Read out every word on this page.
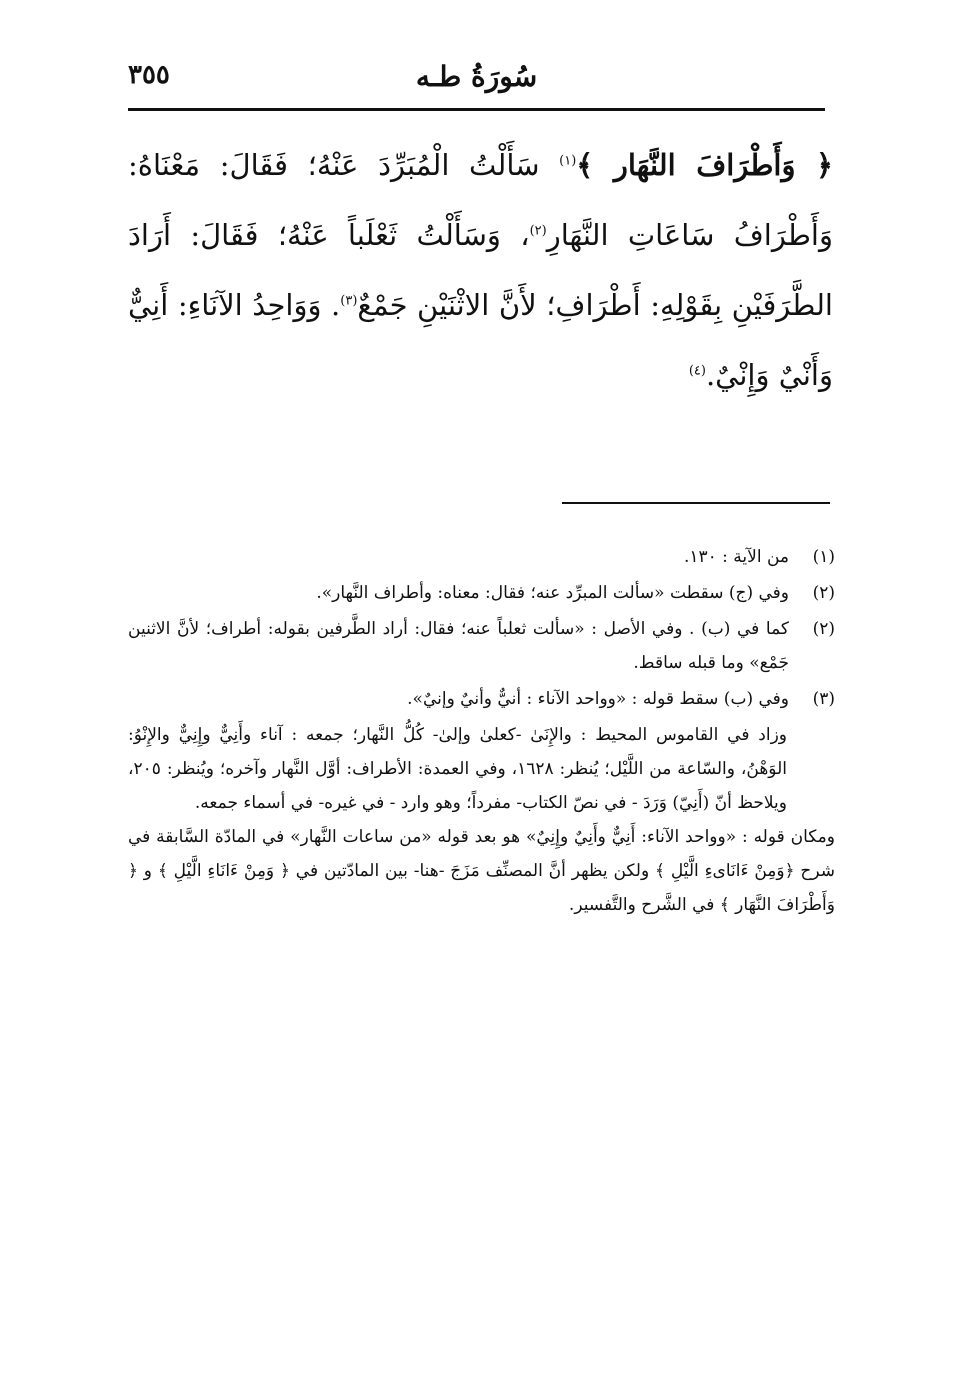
سُورَةُ طـه
٣٥٥

﴿ وَأَطْرَافَ النَّهَار ﴾$^{(١)}$ سَأَلْتُ الْمُبَرِّدَ عَنْهُ؛ فَقَالَ: مَعْنَاهُ: وَأَطْرَافُ سَاعَاتِ النَّهَارِ$^{(٢)}$، وَسَأَلْتُ ثَعْلَباً عَنْهُ؛ فَقَالَ: أَرَادَ الطَّرَفَيْنِ بِقَوْلِهِ: أَطْرَافِ؛ لأَنَّ الاثْنَيْنِ جَمْعٌ$^{(٣)}$. وَوَاحِدُ الآنَاءِ: أَنِيٌّ وَأَنْيٌ وَإِنْيٌ.$^{(٤)}$

(١)
من الآية : ١٣٠.
(٢)
وفي (ج) سقطت «سألت المبرِّد عنه؛ فقال: معناه: وأطراف النَّهار».
(٢)
كما في (ب) . وفي الأصل : «سألت ثعلباً عنه؛ فقال: أراد الطَّرفين بقوله: أطراف؛ لأنَّ الاثنين جَمْع» وما قبله ساقط.
(٣)
وفي (ب) سقط قوله : «وواحد الآناء : أنيٌّ وأنيٌ وإنيٌ».

وزاد في القاموس المحيط : والإِنَىٰ -كعلىٰ وإلىٰ- كُلُّ النَّهار؛ جمعه : آناء وأَنِيٌّ وإِنِيٌّ والإِنْوُ: الوَهْنُ، والسّاعة من اللَّيْل؛ يُنظر: ١٦٢٨، وفي العمدة: الأطراف: أوَّل النَّهار وآخره؛ ويُنظر: ٢٠٥، ويلاحظ أنّ (أَنِيّ) وَرَدَ - في نصّ الكتاب- مفرداً؛ وهو وارد - في غيره- في أسماء جمعه.

ومكان قوله : «وواحد الآناء: أَنِيٌّ وأَنِيٌ وإِنِيٌ» هو بعد قوله «من ساعات النَّهار» في المادّة السَّابقة في شرح ﴿وَمِنْ ءَانَاىءِ الَّيْلِ ﴾ ولكن يظهر أنَّ المصنِّف مَزَجَ -هنا- بين المادّتين في ﴿ وَمِنْ ءَانَاءِ الَّيْلِ ﴾ و ﴿ وَأَطْرَافَ النَّهَار ﴾ في الشَّرح والتَّفسير.
